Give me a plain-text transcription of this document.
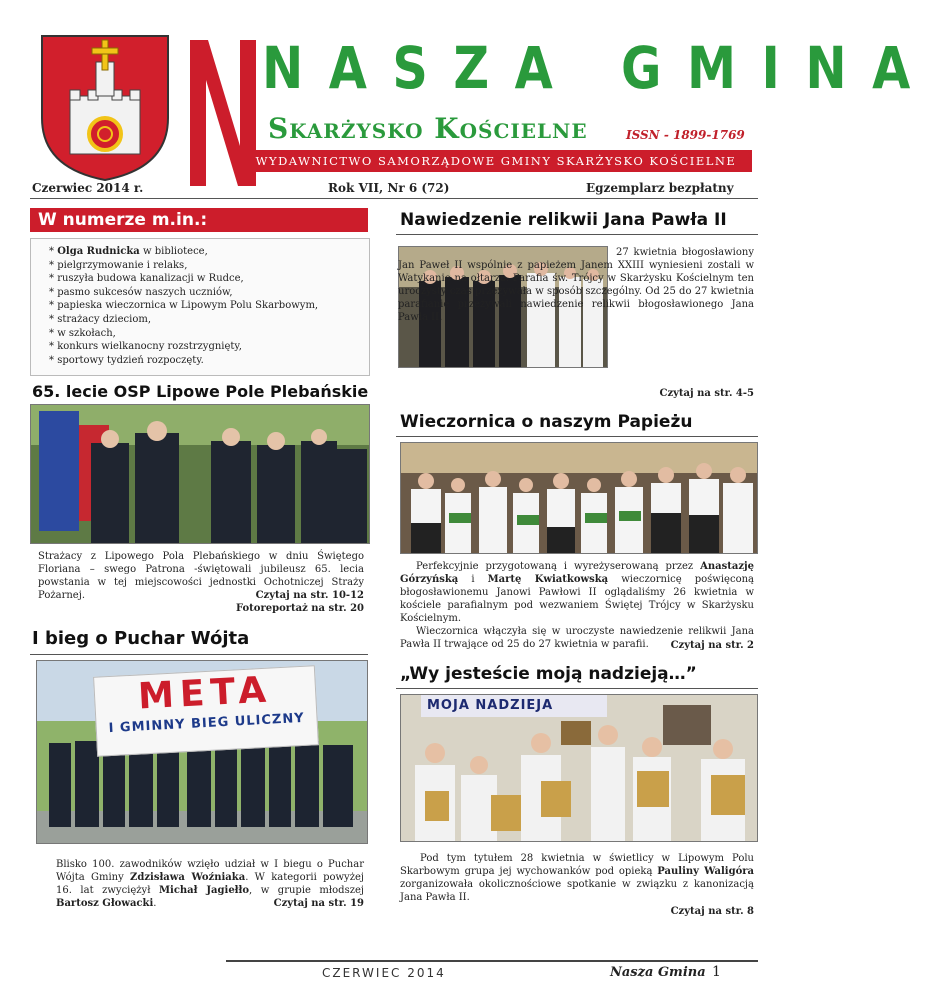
NASZA GMINA
Skarżysko Kościelne	ISSN - 1899-1769
WYDAWNICTWO SAMORZĄDOWE GMINY SKARŻYSKO KOŚCIELNE
Czerwiec 2014 r.	Rok VII, Nr 6 (72)	Egzemplarz bezpłatny
W numerze m.in.:
* Olga Rudnicka w bibliotece,
* pielgrzymowanie i relaks,
* ruszyła budowa kanalizacji w Rudce,
* pasmo sukcesów naszych uczniów,
* papieska wieczornica w Lipowym Polu Skarbowym,
* strażacy dzieciom,
* w szkołach,
* konkurs wielkanocny rozstrzygnięty,
* sportowy tydzień rozpoczęty.
65. lecie OSP Lipowe Pole Plebańskie
Strażacy z Lipowego Pola Plebańskiego w dniu Świętego Floriana – swego Patrona -świętowali jubileusz 65. lecia powstania w tej miejscowości jednostki Ochotniczej Straży Pożarnej.	Czytaj na str. 10-12
Fotoreportaż na str. 20
I bieg o Puchar Wójta
META
I GMINNY BIEG ULICZNY
Blisko 100. zawodników wzięło udział w I biegu o Puchar Wójta Gminy Zdzisława Woźniaka. W kategorii powyżej 16. lat zwyciężył Michał Jagiełło, w grupie młodszej Bartosz Głowacki.	Czytaj na str. 19
Nawiedzenie relikwii Jana Pawła II
27 kwietnia błogosławiony Jan Paweł II wspólnie z papieżem Janem XXIII wyniesieni zostali w Watykanie na ołtarze. Parafia św. Trójcy w Skarżysku Kościelnym ten uroczysty czas przeżywała w sposób szczególny. Od 25 do 27 kwietnia parafianie przeżywali nawiedzenie relikwii błogosławionego Jana Pawła II.
Czytaj na str. 4-5
Wieczornica o naszym Papieżu
Perfekcyjnie przygotowaną i wyreżyserowaną przez Anastazję Górzyńską i Martę Kwiatkowską wieczornicę poświęconą błogosławionemu Janowi Pawłowi II oglądaliśmy 26 kwietnia w kościele parafialnym pod wezwaniem Świętej Trójcy w Skarżysku Kościelnym.
Wieczornica włączyła się w uroczyste nawiedzenie relikwii Jana Pawła II trwające od 25 do 27 kwietnia w parafii.	Czytaj na str. 2
„Wy jesteście moją nadzieją…”
MOJA NADZIEJA
Pod tym tytułem 28 kwietnia w świetlicy w Lipowym Polu Skarbowym grupa jej wychowanków pod opieką Pauliny Waligóra zorganizowała okolicznościowe spotkanie w związku z kanonizacją Jana Pawła II.
Czytaj na str. 8
CZERWIEC 2014	Nasza Gmina 1
